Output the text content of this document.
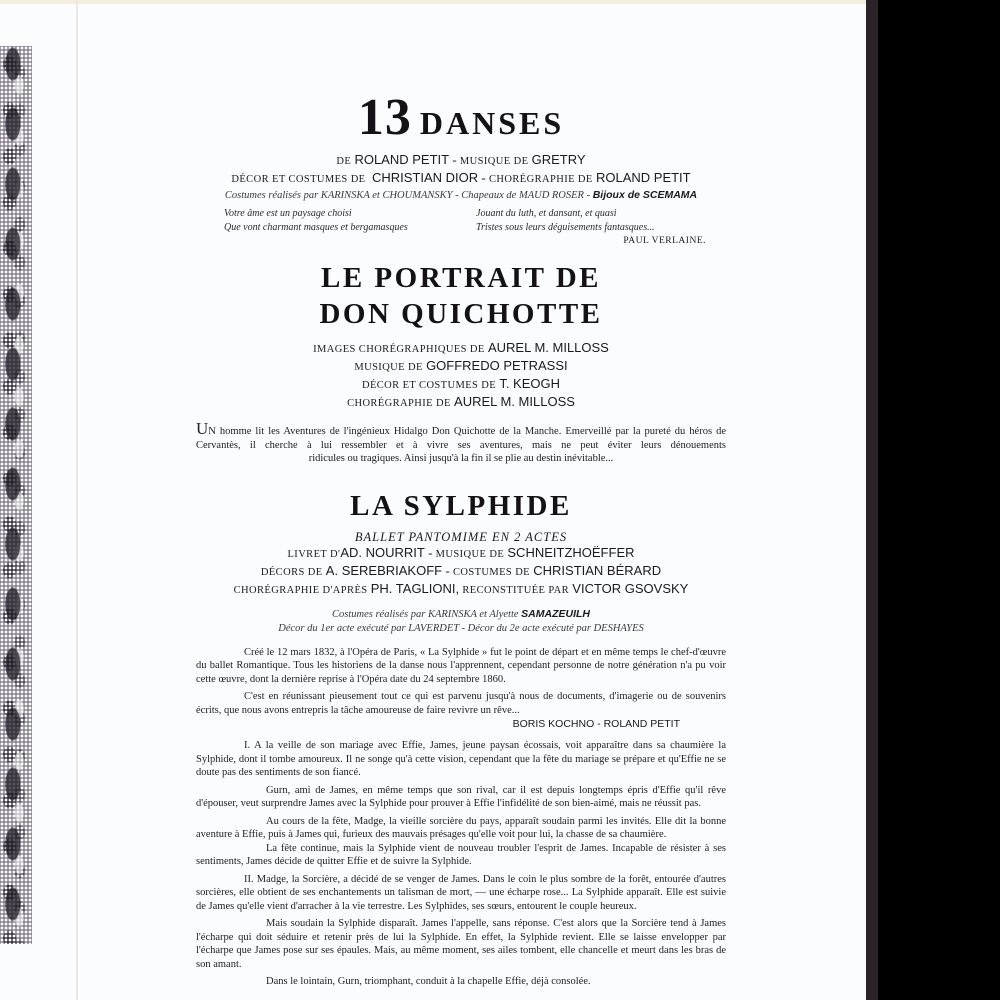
13 DANSES
DE ROLAND PETIT - MUSIQUE DE GRETRY
DÉCOR ET COSTUMES DE CHRISTIAN DIOR - CHORÉGRAPHIE DE ROLAND PETIT
Costumes réalisés par KARINSKA et CHOUMANSKY - Chapeaux de MAUD ROSER - Bijoux de SCEMAMA
Votre âme est un paysage choisi
Que vont charmant masques et bergamasques
Jouant du luth, et dansant, et quasi
Tristes sous leurs déguisements fantasques...
PAUL VERLAINE.
LE PORTRAIT DE
DON QUICHOTTE
IMAGES CHORÉGRAPHIQUES DE AUREL M. MILLOSS
MUSIQUE DE GOFFREDO PETRASSI
DÉCOR ET COSTUMES DE T. KEOGH
CHORÉGRAPHIE DE AUREL M. MILLOSS

UN homme lit les Aventures de l'ingénieux Hidalgo Don Quichotte de la Manche. Emerveillé par la pureté du héros de Cervantès, il cherche à lui ressembler et à vivre ses aventures, mais ne peut éviter leurs dénouements

ridicules ou tragiques. Ainsi jusqu'à la fin il se plie au destin inévitable...

LA SYLPHIDE
BALLET PANTOMIME EN 2 ACTES
LIVRET D'AD. NOURRIT - MUSIQUE DE SCHNEITZHOËFFER
DÉCORS DE A. SEREBRIAKOFF - COSTUMES DE CHRISTIAN BÉRARD
CHORÉGRAPHIE D'APRÈS PH. TAGLIONI, RECONSTITUÉE PAR VICTOR GSOVSKY
Costumes réalisés par KARINSKA et Alyette SAMAZEUILH
Décor du 1er acte exécuté par LAVERDET - Décor du 2e acte exécuté par DESHAYES

Créé le 12 mars 1832, à l'Opéra de Paris, « La Sylphide » fut le point de départ et en même temps le chef-d'œuvre du ballet Romantique. Tous les historiens de la danse nous l'apprennent, cependant personne de notre génération n'a pu voir cette œuvre, dont la dernière reprise à l'Opéra date du 24 septembre 1860.

C'est en réunissant pieusement tout ce qui est parvenu jusqu'à nous de documents, d'imagerie ou de souvenirs écrits, que nous avons entrepris la tâche amoureuse de faire revivre un rêve...

BORIS KOCHNO - ROLAND PETIT

I. A la veille de son mariage avec Effie, James, jeune paysan écossais, voit apparaître dans sa chaumière la Sylphide, dont il tombe amoureux. Il ne songe qu'à cette vision, cependant que la fête du mariage se prépare et qu'Effie ne se doute pas des sentiments de son fiancé.

Gurn, ami de James, en même temps que son rival, car il est depuis longtemps épris d'Effie qu'il rêve d'épouser, veut surprendre James avec la Sylphide pour prouver à Effie l'infidélité de son bien-aimé, mais ne réussit pas.

Au cours de la fête, Madge, la vieille sorcière du pays, apparaît soudain parmi les invités. Elle dit la bonne aventure à Effie, puis à James qui, furieux des mauvais présages qu'elle voit pour lui, la chasse de sa chaumière.

La fête continue, mais la Sylphide vient de nouveau troubler l'esprit de James. Incapable de résister à ses sentiments, James décide de quitter Effie et de suivre la Sylphide.

II. Madge, la Sorcière, a décidé de se venger de James. Dans le coin le plus sombre de la forêt, entourée d'autres sorcières, elle obtient de ses enchantements un talisman de mort, — une écharpe rose... La Sylphide apparaît. Elle est suivie de James qu'elle vient d'arracher à la vie terrestre. Les Sylphides, ses sœurs, entourent le couple heureux.

Mais soudain la Sylphide disparaît. James l'appelle, sans réponse. C'est alors que la Sorcière tend à James l'écharpe qui doit séduire et retenir près de lui la Sylphide. En effet, la Sylphide revient. Elle se laisse envelopper par l'écharpe que James pose sur ses épaules. Mais, au même moment, ses ailes tombent, elle chancelle et meurt dans les bras de son amant.

Dans le lointain, Gurn, triomphant, conduit à la chapelle Effie, déjà consolée.
